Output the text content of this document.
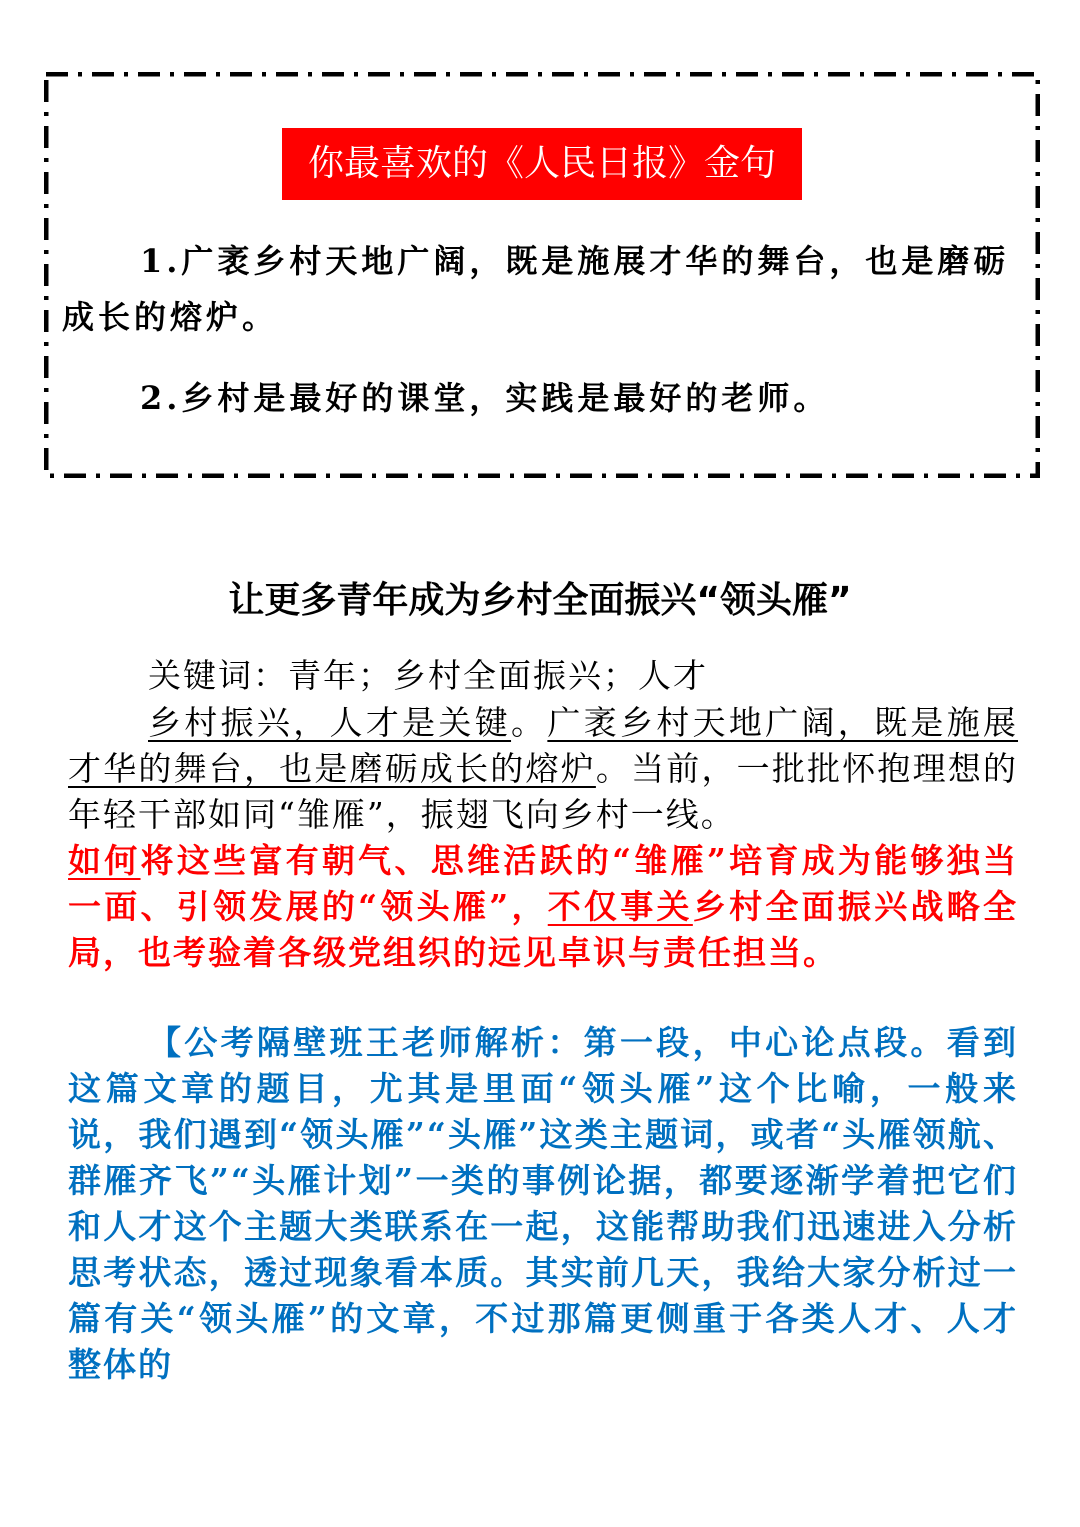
你最喜欢的《人民日报》金句
1.广袤乡村天地广阔，既是施展才华的舞台，也是磨砺成长的熔炉。
2.乡村是最好的课堂，实践是最好的老师。
让更多青年成为乡村全面振兴“领头雁”
关键词：青年；乡村全面振兴；人才
乡村振兴，人才是关键。广袤乡村天地广阔，既是施展才华的舞台，也是磨砺成长的熔炉。当前，一批批怀抱理想的年轻干部如同“雏雁”，振翅飞向乡村一线。
如何将这些富有朝气、思维活跃的“雏雁”培育成为能够独当一面、引领发展的“领头雁”，不仅事关乡村全面振兴战略全局，也考验着各级党组织的远见卓识与责任担当。
【公考隔壁班王老师解析：第一段，中心论点段。看到这篇文章的题目，尤其是里面“领头雁”这个比喻，一般来说，我们遇到“领头雁”“头雁”这类主题词，或者“头雁领航、群雁齐飞”“头雁计划”一类的事例论据，都要逐渐学着把它们和人才这个主题大类联系在一起，这能帮助我们迅速进入分析思考状态，透过现象看本质。其实前几天，我给大家分析过一篇有关“领头雁”的文章，不过那篇更侧重于各类人才、人才整体的
